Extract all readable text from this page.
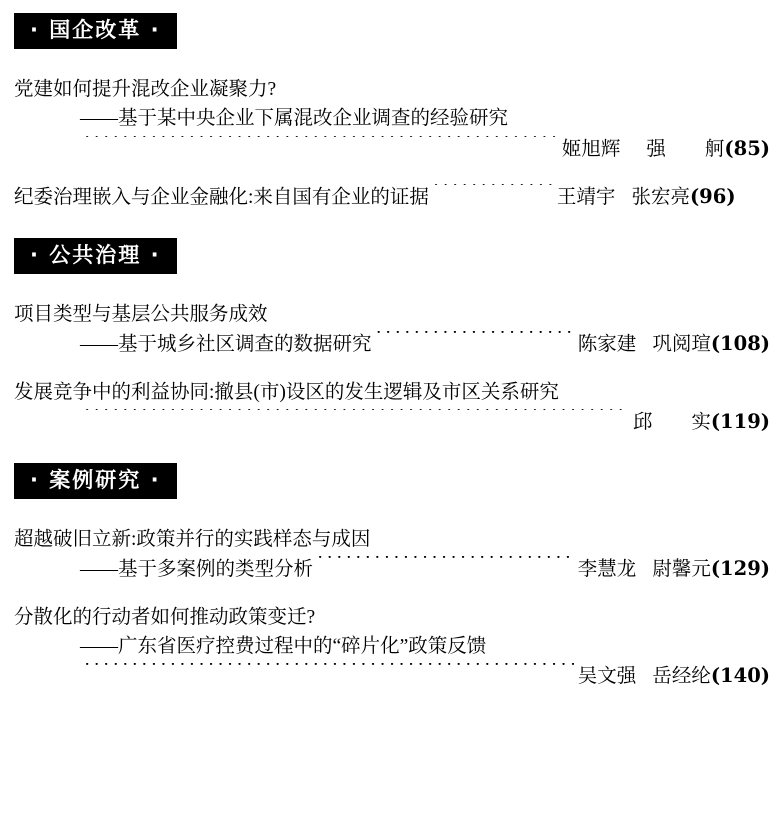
· 国企改革 ·
党建如何提升混改企业凝聚力?
——基于某中央企业下属混改企业调查的经验研究
·····
姬旭辉 强　　舸(85)
纪委治理嵌入与企业金融化:来自国有企业的证据 ·····	王靖宇 张宏亮(96)
· 公共治理 ·
项目类型与基层公共服务成效
—— 基于城乡社区调查的数据研究 ·····	陈家建 巩阅瑄(108)
发展竞争中的利益协同:撤县(市)设区的发生逻辑及市区关系研究
·····
邱　　实(119)
· 案例研究 ·
超越破旧立新:政策并行的实践样态与成因
—— 基于多案例的类型分析 ·····	李慧龙 尉馨元(129)
分散化的行动者如何推动政策变迁?
——广东省医疗控费过程中的“碎片化”政策反馈
·····
吴文强 岳经纶(140)
